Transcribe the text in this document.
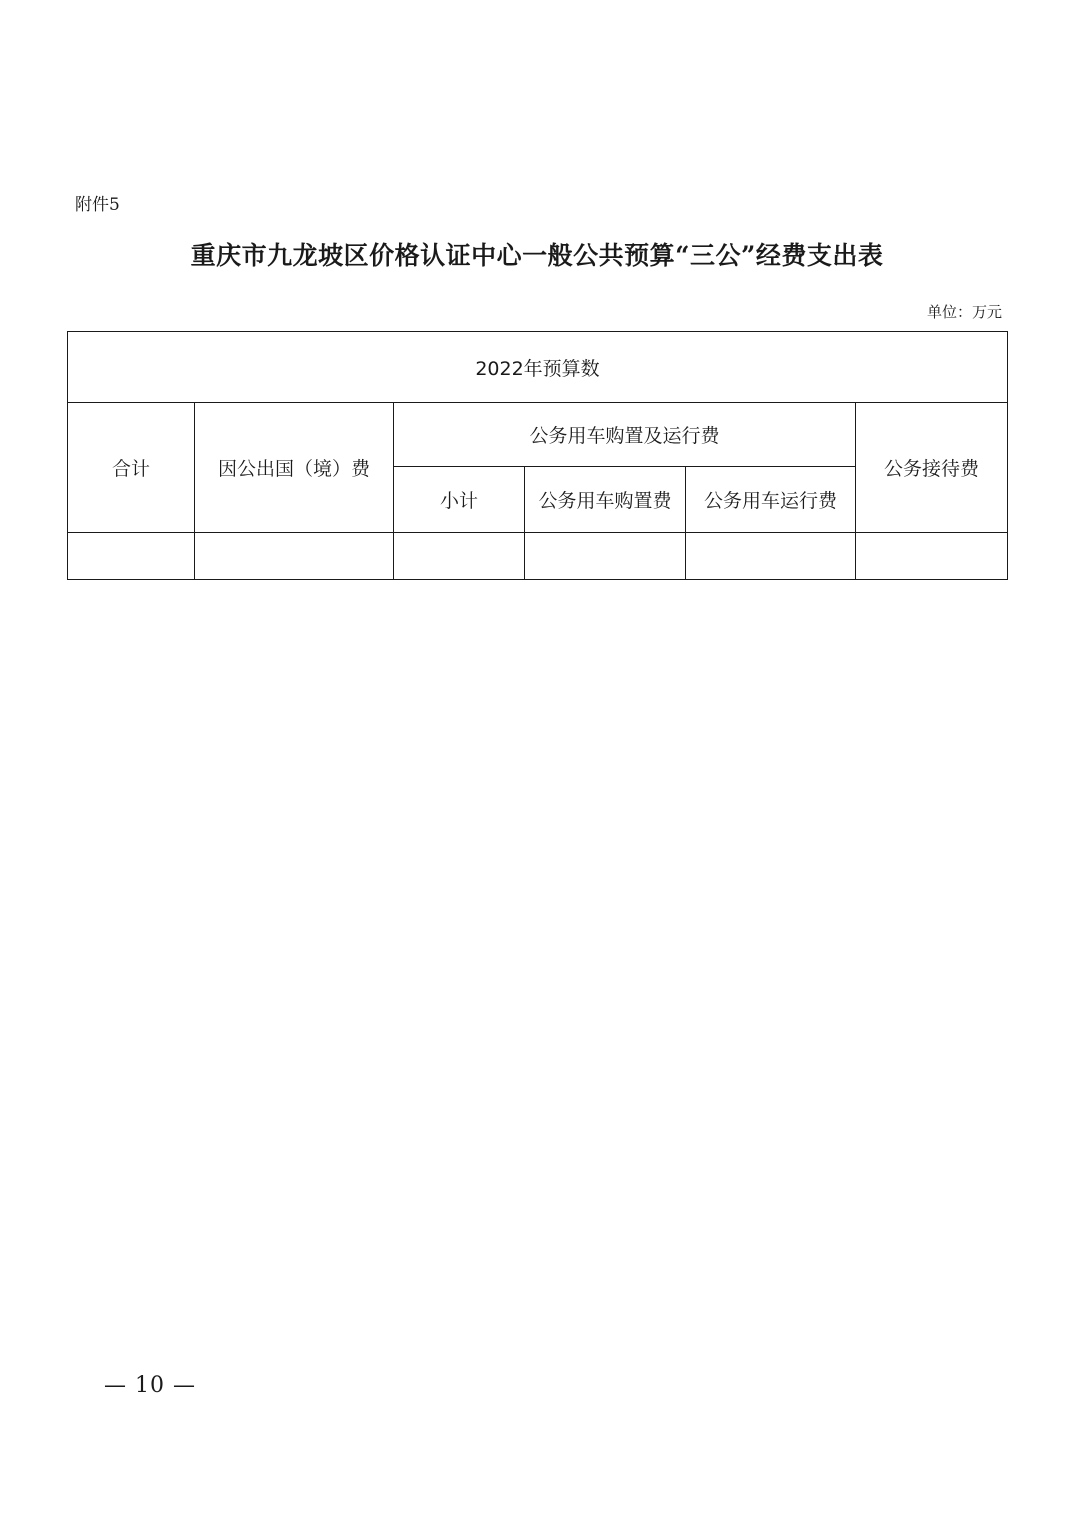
附件5
重庆市九龙坡区价格认证中心一般公共预算“三公”经费支出表
单位：万元
2022年预算数					
合计	因公出国（境）费	公务用车购置及运行费			公务接待费
		小计	公务用车购置费	公务用车运行费	

— 10 —
